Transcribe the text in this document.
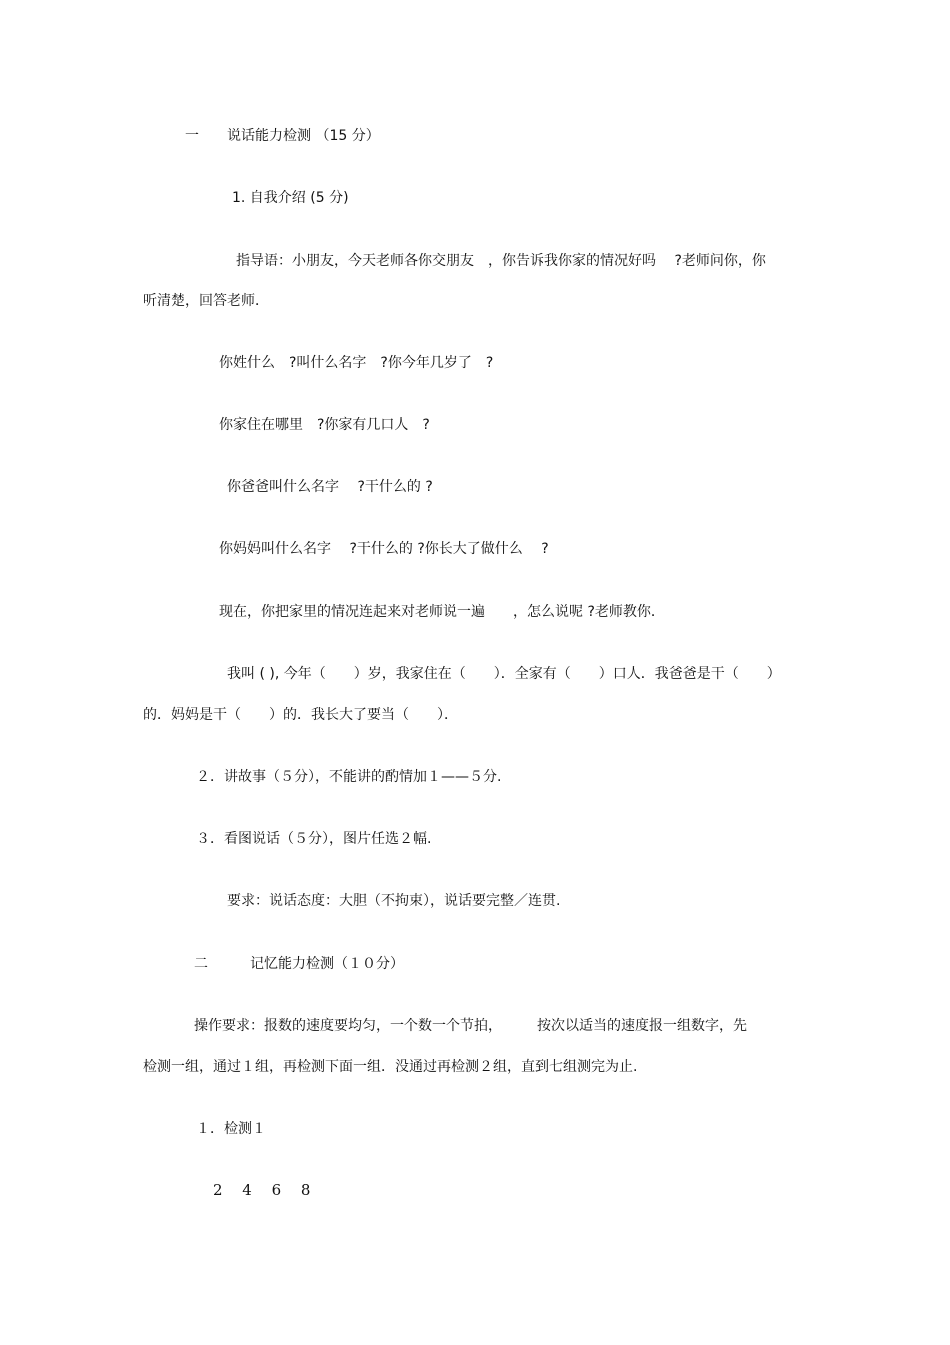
一　　说话能力检测 （15 分）
1. 自我介绍 (5 分)
指导语：小朋友，今天老师各你交朋友　，你告诉我你家的情况好吗　 ?老师问你，你
听清楚，回答老师．
你姓什么　?叫什么名字　?你今年几岁了　?
你家住在哪里　?你家有几口人　?
你爸爸叫什么名字　 ?干什么的 ?
你妈妈叫什么名字　 ?干什么的 ?你长大了做什么　 ?
现在，你把家里的情况连起来对老师说一遍　　，怎么说呢 ?老师教你．
我叫 ( ), 今年（　　）岁，我家住在（　　）．全家有（　　）口人．我爸爸是干（　　）
的．妈妈是干（　　）的．我长大了要当（　　）．
２．讲故事（５分），不能讲的酌情加１——５分.
３．看图说话（５分），图片任选２幅.
要求：说话态度：大胆（不拘束），说话要完整／连贯.
二　　　记忆能力检测（１０分）
操作要求：报数的速度要均匀，一个数一个节拍，　　　按次以适当的速度报一组数字，先
检测一组，通过１组，再检测下面一组．没通过再检测２组，直到七组测完为止.
１．检测１
2　 4　 6　 8
